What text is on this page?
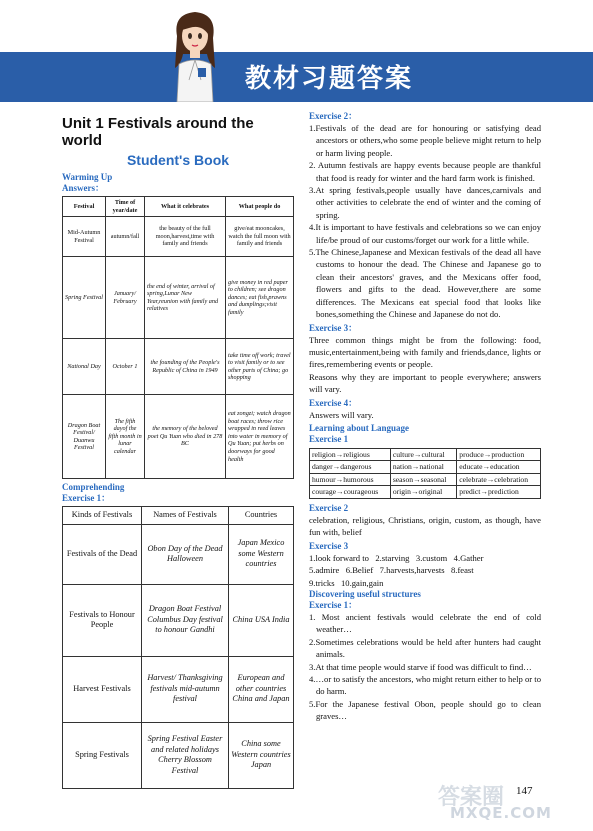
教材习题答案
Unit 1 Festivals around the world
Student's Book
Warming Up
Answers：
Festival	Time of year/date	What it celebrates	What people do
Mid-Autumn Festival	autumn/fall	the beauty of the full moon,harvest,time with family and friends	give/eat mooncakes, watch the full moon with family and friends
Spring Festival	January/ February	the end of winter, arrival of spring,Lunar New Year,reunion with family and relatives	give money in red paper to children; see dragon dances; eat fish,prawns and dumplings;visit family
National Day	October 1	the founding of the People's Republic of China in 1949	take time off work; travel to visit family or to see other parts of China; go shopping
Dragon Boat Festival/ Duanwu Festival	The fifth dayof the fifth month in lunar calendar	the memory of the beloved poet Qu Yuan who died in 278 BC	eat zongzi; watch dragon boat races; throw rice wrapped in reed leaves into water in memory of Qu Yuan; put herbs on doorways for good health
Comprehending
Exercise 1：
Kinds of Festivals	Names of Festivals	Countries
Festivals of the Dead	Obon Day of the Dead Halloween	Japan Mexico some Western countries
Festivals to Honour People	Dragon Boat Festival Columbus Day festival to honour Gandhi	China USA India
Harvest Festivals	Harvest/ Thanksgiving festivals mid-autumn festival	European and other countries China and Japan
Spring Festivals	Spring Festival Easter and related holidays Cherry Blossom Festival	China some Western countries Japan
Exercise 2：
1.Festivals of the dead are for honouring or satisfying dead ancestors or others,who some people believe might return to help or harm living people.
2. Autumn festivals are happy events because people are thankful that food is ready for winter and the hard farm work is finished.
3.At spring festivals,people usually have dances,carnivals and other activities to celebrate the end of winter and the coming of spring.
4.It is important to have festivals and celebrations so we can enjoy life/be proud of our customs/forget our work for a little while.
5.The Chinese,Japanese and Mexican festivals of the dead all have customs to honour the dead. The Chinese and Japanese go to clean their ancestors' graves, and the Mexicans offer food, flowers and gifts to the dead. However,there are some differences. The Mexicans eat special food that looks like bones,something the Chinese and Japanese do not do.
Exercise 3：
Three common things might be from the following: food, music,entertainment,being with family and friends,dance, lights or fires,remembering events or people.
Reasons why they are important to people everywhere; answers will vary.
Exercise 4：
Answers will vary.
Learning about Language
Exercise 1
religion→religious	culture→cultural	produce→production
danger→dangerous	nation→national	educate→education
humour→humorous	season→seasonal	celebrate→celebration
courage→courageous	origin→original	predict→prediction
Exercise 2
celebration, religious, Christians, origin, custom, as though, have fun with, belief
Exercise 3
1.look forward to   2.starving   3.custom   4.Gather
5.admire   6.Belief   7.harvests,harvests   8.feast
9.tricks   10.gain,gain
Discovering useful structures
Exercise 1：
1. Most ancient festivals would celebrate the end of cold weather…
2.Sometimes celebrations would be held after hunters had caught animals.
3.At that time people would starve if food was difficult to find…
4.…or to satisfy the ancestors, who might return either to help or to do harm.
5.For the Japanese festival Obon, people should go to clean graves…
答案圈
MXQE.COM
147
